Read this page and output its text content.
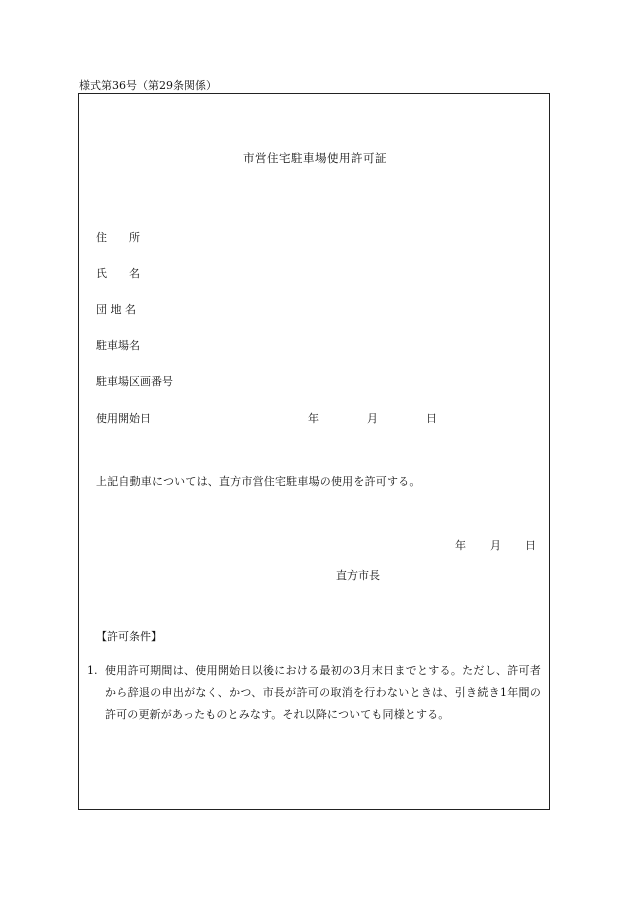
様式第36号（第29条関係）
市営住宅駐車場使用許可証
住　　所
氏　　名
団 地 名
駐車場名
駐車場区画番号
使用開始日	年	月	日
上記自動車については、直方市営住宅駐車場の使用を許可する。
年 月 日
直方市長
【許可条件】
1. 使用許可期間は、使用開始日以後における最初の3月末日までとする。ただし、許可者から辞退の申出がなく、かつ、市長が許可の取消を行わないときは、引き続き1年間の許可の更新があったものとみなす。それ以降についても同様とする。
